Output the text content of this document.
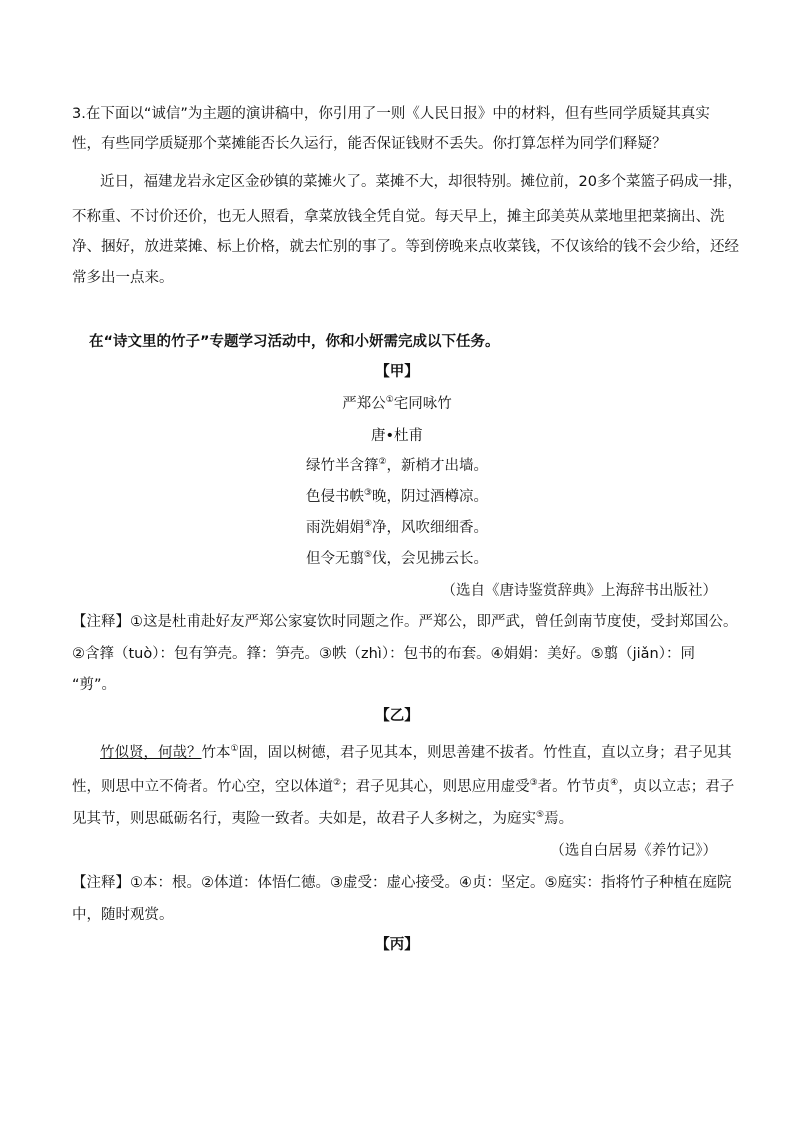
3.在下面以“诚信”为主题的演讲稿中，你引用了一则《人民日报》中的材料，但有些同学质疑其真实
性，有些同学质疑那个菜摊能否长久运行，能否保证钱财不丢失。你打算怎样为同学们释疑？
近日，福建龙岩永定区金砂镇的菜摊火了。菜摊不大，却很特别。摊位前，20多个菜篮子码成一排，
不称重、不讨价还价，也无人照看，拿菜放钱全凭自觉。每天早上，摊主邱美英从菜地里把菜摘出、洗
净、捆好，放进菜摊、标上价格，就去忙别的事了。等到傍晚来点收菜钱，不仅该给的钱不会少给，还经
常多出一点来。
在“诗文里的竹子”专题学习活动中，你和小妍需完成以下任务。
【甲】
严郑公①宅同咏竹
唐•杜甫
绿竹半含箨②，新梢才出墙。
色侵书帙③晚，阴过酒樽凉。
雨洗娟娟④净，风吹细细香。
但令无翦⑤伐，会见拂云长。
（选自《唐诗鉴赏辞典》上海辞书出版社）
【注释】①这是杜甫赴好友严郑公家宴饮时同题之作。严郑公，即严武，曾任剑南节度使，受封郑国公。
②含箨（tuò）：包有笋壳。箨：笋壳。③帙（zhì）：包书的布套。④娟娟：美好。⑤翦（jiǎn）：同
“剪”。
【乙】
竹似贤，何哉？竹本①固，固以树德，君子见其本，则思善建不拔者。竹性直，直以立身；君子见其
性，则思中立不倚者。竹心空，空以体道②；君子见其心，则思应用虚受③者。竹节贞④，贞以立志；君子
见其节，则思砥砺名行，夷险一致者。夫如是，故君子人多树之，为庭实⑤焉。
（选自白居易《养竹记》）
【注释】①本：根。②体道：体悟仁德。③虚受：虚心接受。④贞：坚定。⑤庭实：指将竹子种植在庭院
中，随时观赏。
【丙】
